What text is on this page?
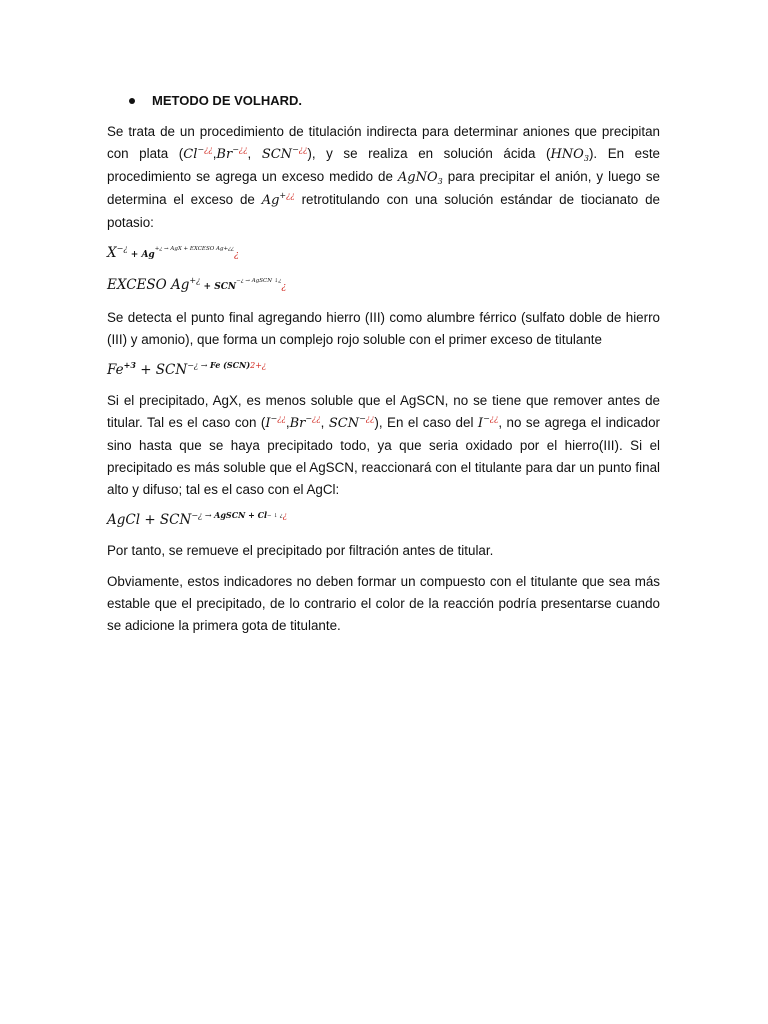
METODO DE VOLHARD.

Se trata de un procedimiento de titulación indirecta para determinar aniones que precipitan con plata (Cl−¿¿,Br−¿¿, SCN−¿¿), y se realiza en solución ácida $(HNO_3)$. En este procedimiento se agrega un exceso medido de AgNO$_3$ para precipitar el anión, y luego se determina el exceso de Ag+¿¿ retrotitulando con una solución estándar de tiocianato de potasio:

$X^{-¿} + Ag^{+¿ \to AgX + EXCESO Ag+¿¿}¿$
EXCESO $Ag^{+¿} + SCN^{-¿ \to AgSCN ↓¿}¿$

Se detecta el punto final agregando hierro (III) como alumbre férrico (sulfato doble de hierro (III) y amonio), que forma un complejo rojo soluble con el primer exceso de titulante

$Fe^{+3} + SCN^{-¿ \to}$ $^{Fe (SCN)2+¿}$

Si el precipitado, AgX, es menos soluble que el AgSCN, no se tiene que remover antes de titular. Tal es el caso con (I−¿¿,Br−¿¿, SCN−¿¿), En el caso del I−¿¿, no se agrega el indicador sino hasta que se haya precipitado todo, ya que seria oxidado por el hierro(III). Si el precipitado es más soluble que el AgSCN, reaccionará con el titulante para dar un punto final alto y difuso; tal es el caso con el AgCl:

AgCl + SCN−¿ → $^{AgSCN + Cl- ↓ ¿¿}$

Por tanto, se remueve el precipitado por filtración antes de titular.

Obviamente, estos indicadores no deben formar un compuesto con el titulante que sea más estable que el precipitado, de lo contrario el color de la reacción podría presentarse cuando se adicione la primera gota de titulante.
